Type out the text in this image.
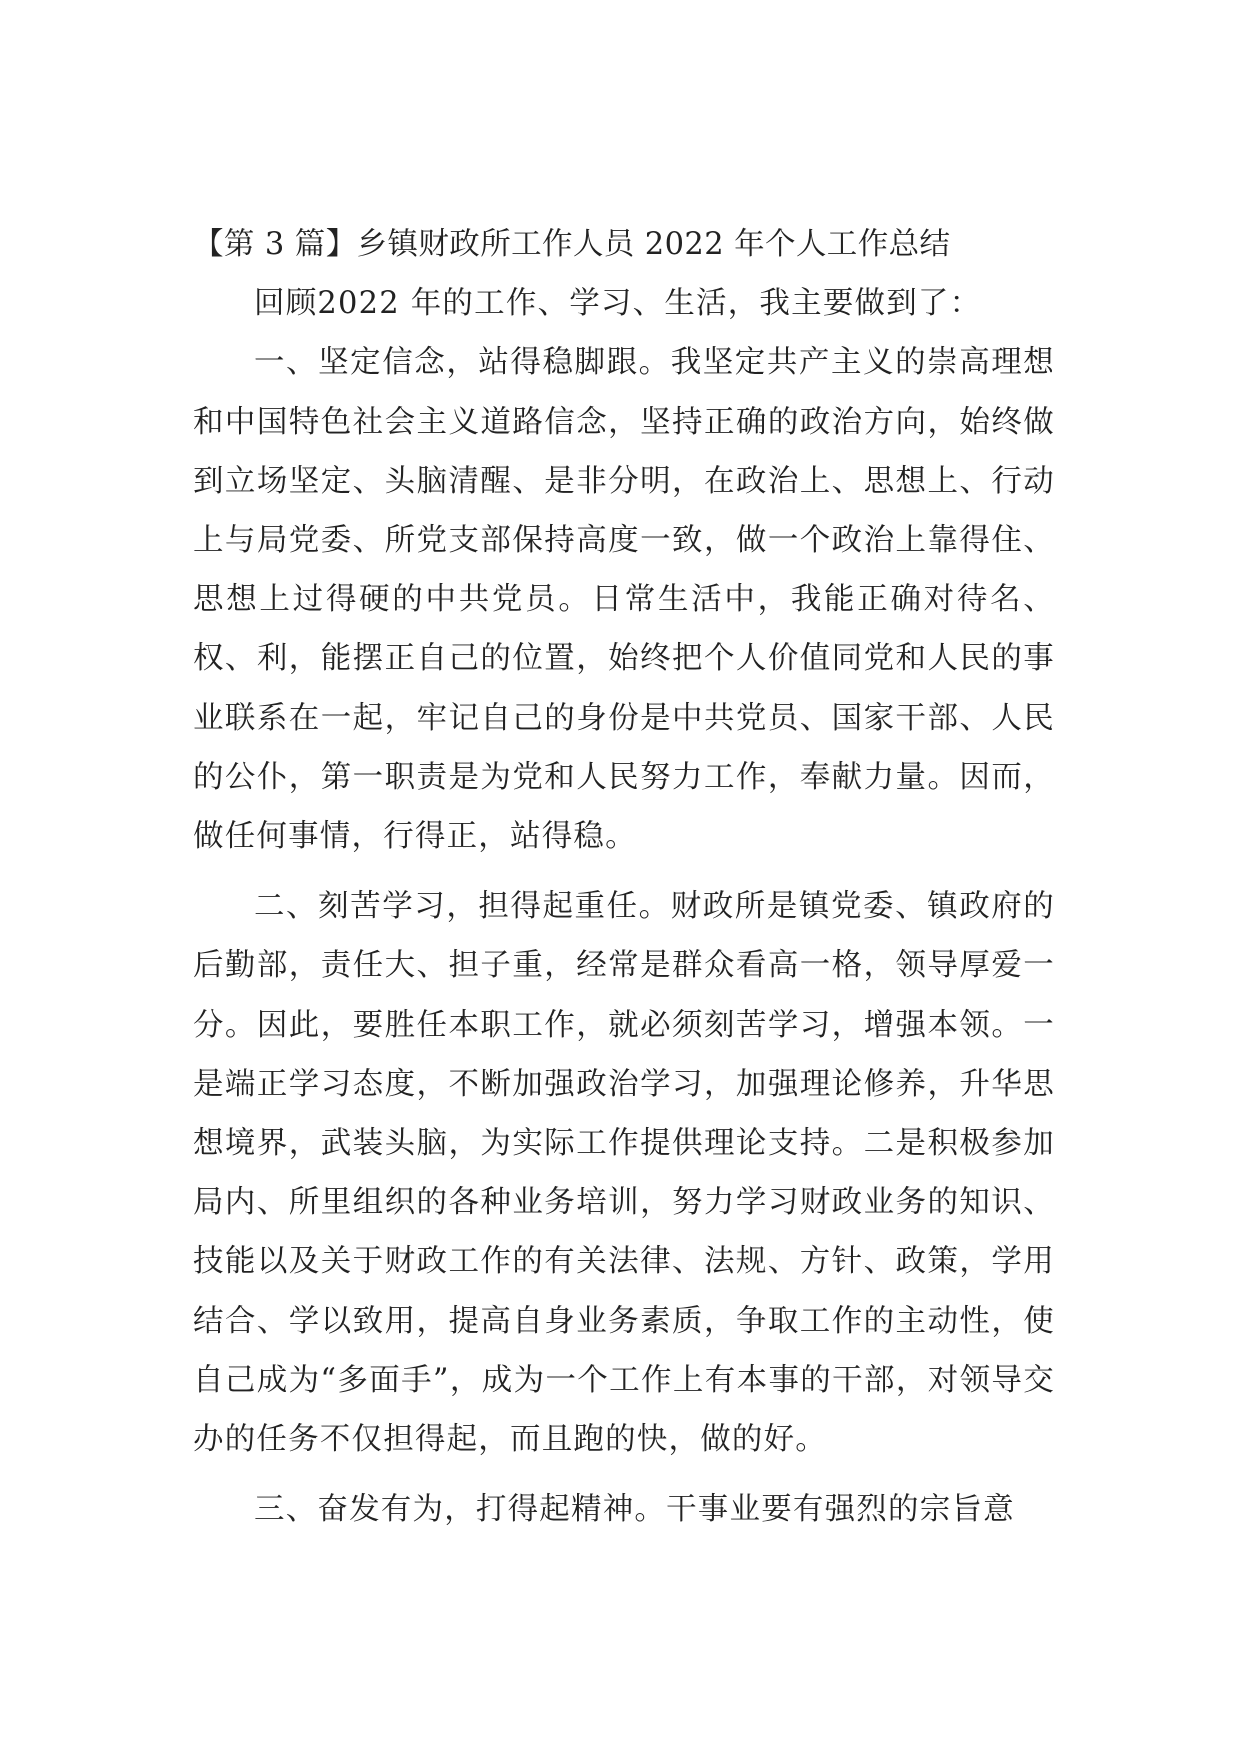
【第 3 篇】乡镇财政所工作人员 2022 年个人工作总结

回顾2022 年的工作、学习、生活，我主要做到了：

一、坚定信念，站得稳脚跟。我坚定共产主义的崇高理想和中国特色社会主义道路信念，坚持正确的政治方向，始终做到立场坚定、头脑清醒、是非分明，在政治上、思想上、行动上与局党委、所党支部保持高度一致，做一个政治上靠得住、思想上过得硬的中共党员。日常生活中，我能正确对待名、权、利，能摆正自己的位置，始终把个人价值同党和人民的事业联系在一起，牢记自己的身份是中共党员、国家干部、人民的公仆，第一职责是为党和人民努力工作，奉献力量。因而，做任何事情，行得正，站得稳。

二、刻苦学习，担得起重任。财政所是镇党委、镇政府的后勤部，责任大、担子重，经常是群众看高一格，领导厚爱一分。因此，要胜任本职工作，就必须刻苦学习，增强本领。一是端正学习态度，不断加强政治学习，加强理论修养，升华思想境界，武装头脑，为实际工作提供理论支持。二是积极参加局内、所里组织的各种业务培训，努力学习财政业务的知识、技能以及关于财政工作的有关法律、法规、方针、政策，学用结合、学以致用，提高自身业务素质，争取工作的主动性，使自己成为“多面手”，成为一个工作上有本事的干部，对领导交办的任务不仅担得起，而且跑的快，做的好。

三、奋发有为，打得起精神。干事业要有强烈的宗旨意
